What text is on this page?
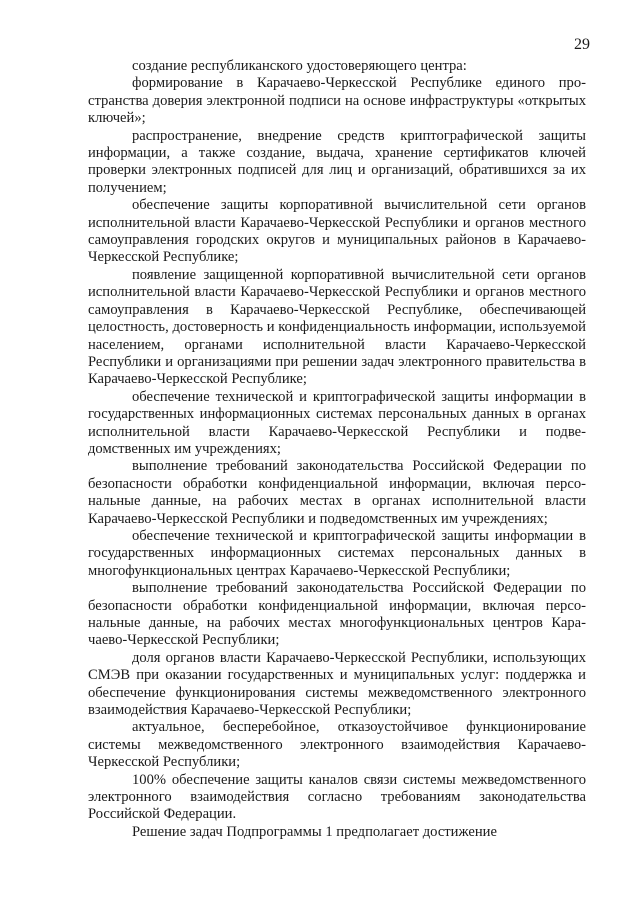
29

создание республиканского удостоверяющего центра:

формирование в Карачаево-Черкесской Республике единого пространства доверия электронной подписи на основе инфраструктуры «открытых ключей»;

распространение, внедрение средств криптографической защиты информации, а также создание, выдача, хранение сертификатов ключей проверки электронных подписей для лиц и организаций, обратившихся за их получением;

обеспечение защиты корпоративной вычислительной сети органов исполнительной власти Карачаево-Черкесской Республики и органов местного самоуправления городских округов и муниципальных районов в Карачаево-Черкесской Республике;

появление защищенной корпоративной вычислительной сети органов исполнительной власти Карачаево-Черкесской Республики и органов местного самоуправления в Карачаево-Черкесской Республике, обеспечивающей целостность, достоверность и конфиденциальность информации, используемой населением, органами исполнительной власти Карачаево-Черкесской Республики и организациями при решении задач электронного правительства в Карачаево-Черкесской Республике;

обеспечение технической и криптографической защиты информации в государственных информационных системах персональных данных в органах исполнительной власти Карачаево-Черкесской Республики и подведомственных им учреждениях;

выполнение требований законодательства Российской Федерации по безопасности обработки конфиденциальной информации, включая персональные данные, на рабочих местах в органах исполнительной власти Карачаево-Черкесской Республики и подведомственных им учреждениях;

обеспечение технической и криптографической защиты информации в государственных информационных системах персональных данных в многофункциональных центрах Карачаево-Черкесской Республики;

выполнение требований законодательства Российской Федерации по безопасности обработки конфиденциальной информации, включая персональные данные, на рабочих местах многофункциональных центров Карачаево-Черкесской Республики;

доля органов власти Карачаево-Черкесской Республики, использующих СМЭВ при оказании государственных и муниципальных услуг: поддержка и обеспечение функционирования системы межведомственного электронного взаимодействия Карачаево-Черкесской Республики;

актуальное, бесперебойное, отказоустойчивое функционирование системы межведомственного электронного взаимодействия Карачаево-Черкесской Республики;

100% обеспечение защиты каналов связи системы межведомственного электронного взаимодействия согласно требованиям законодательства Российской Федерации.

Решение задач Подпрограммы 1 предполагает достижение
